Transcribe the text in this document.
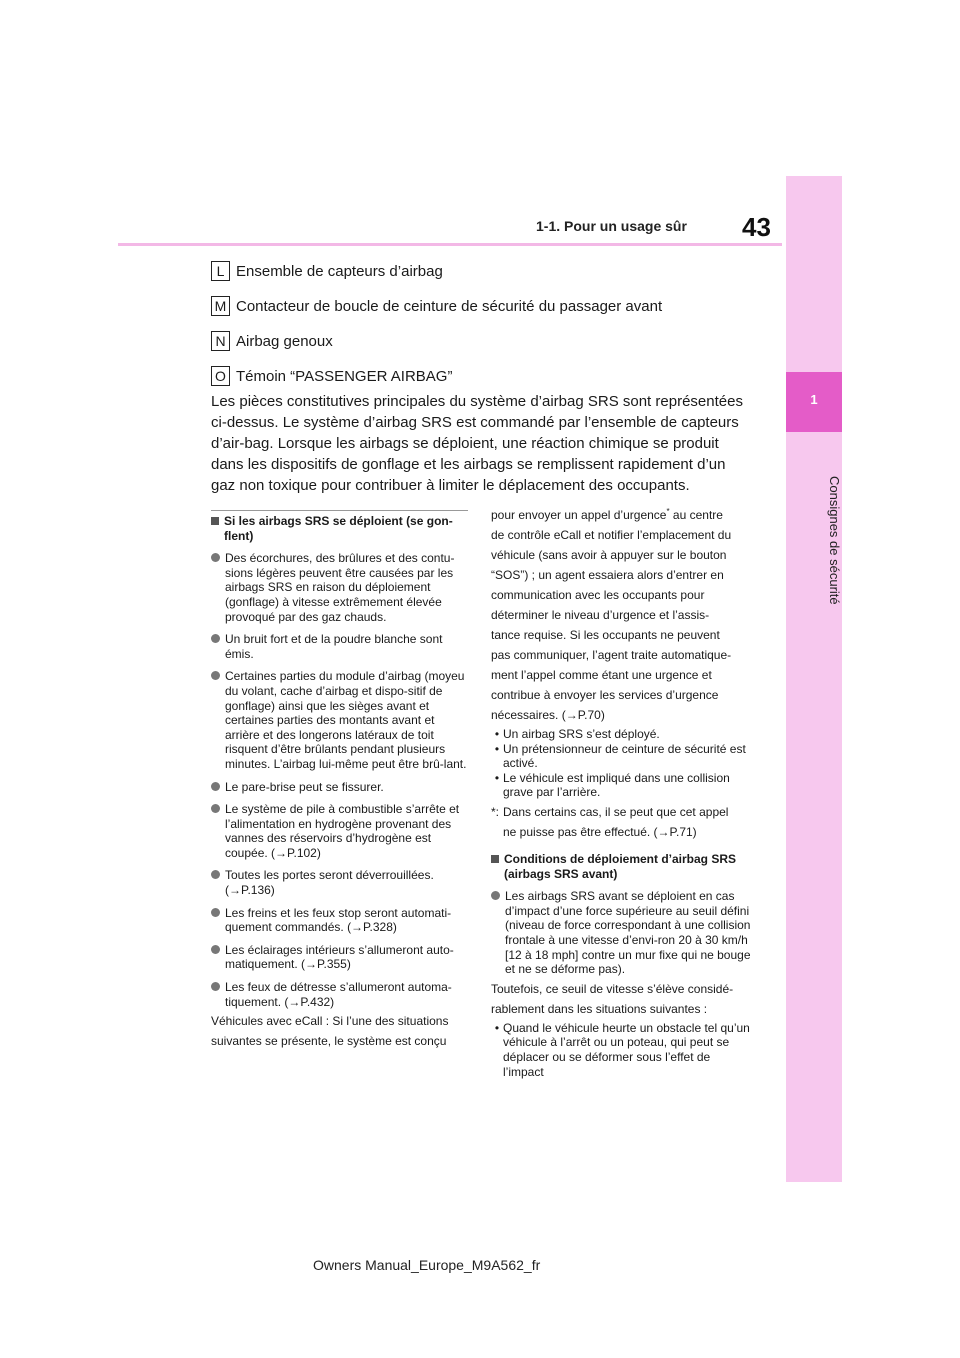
43
1-1. Pour un usage sûr
1
Consignes de sécurité
L Ensemble de capteurs d’airbag
M Contacteur de boucle de ceinture de sécurité du passager avant
N Airbag genoux
O Témoin “PASSENGER AIRBAG”
Les pièces constitutives principales du système d’airbag SRS sont représentées ci-dessus. Le système d’airbag SRS est commandé par l’ensemble de capteurs d’air-bag. Lorsque les airbags se déploient, une réaction chimique se produit dans les dispositifs de gonflage et les airbags se remplissent rapidement d’un gaz non toxique pour contribuer à limiter le déplacement des occupants.
Si les airbags SRS se déploient (se gon-flent)
Des écorchures, des brûlures et des contu-sions légères peuvent être causées par les airbags SRS en raison du déploiement (gonflage) à vitesse extrêmement élevée provoqué par des gaz chauds.
Un bruit fort et de la poudre blanche sont émis.
Certaines parties du module d’airbag (moyeu du volant, cache d’airbag et dispo-sitif de gonflage) ainsi que les sièges avant et certaines parties des montants avant et arrière et des longerons latéraux de toit risquent d’être brûlants pendant plusieurs minutes. L’airbag lui-même peut être brû-lant.
Le pare-brise peut se fissurer.
Le système de pile à combustible s’arrête et l’alimentation en hydrogène provenant des vannes des réservoirs d’hydrogène est coupée. (→P.102)
Toutes les portes seront déverrouillées. (→P.136)
Les freins et les feux stop seront automati-quement commandés. (→P.328)
Les éclairages intérieurs s’allumeront auto-matiquement. (→P.355)
Les feux de détresse s’allumeront automa-tiquement. (→P.432)

Véhicules avec eCall : Si l’une des situations

suivantes se présente, le système est conçu

pour envoyer un appel d’urgence* au centre

de contrôle eCall et notifier l’emplacement du

véhicule (sans avoir à appuyer sur le bouton

“SOS”) ; un agent essaiera alors d’entrer en

communication avec les occupants pour

déterminer le niveau d’urgence et l’assis-

tance requise. Si les occupants ne peuvent

pas communiquer, l’agent traite automatique-

ment l’appel comme étant une urgence et

contribue à envoyer les services d’urgence

nécessaires. (→P.70)

• Un airbag SRS s’est déployé.
• Un prétensionneur de ceinture de sécurité est activé.
• Le véhicule est impliqué dans une collision grave par l’arrière.
*: Dans certains cas, il se peut que cet appel
ne puisse pas être effectué. (→P.71)
Conditions de déploiement d’airbag SRS (airbags SRS avant)
Les airbags SRS avant se déploient en cas d’impact d’une force supérieure au seuil défini (niveau de force correspondant à une collision frontale à une vitesse d’envi-ron 20 à 30 km/h [12 à 18 mph] contre un mur fixe qui ne bouge et ne se déforme pas).

Toutefois, ce seuil de vitesse s’élève considé-

rablement dans les situations suivantes :

• Quand le véhicule heurte un obstacle tel qu’un véhicule à l’arrêt ou un poteau, qui peut se déplacer ou se déformer sous l’effet de l’impact
Owners Manual_Europe_M9A562_fr
